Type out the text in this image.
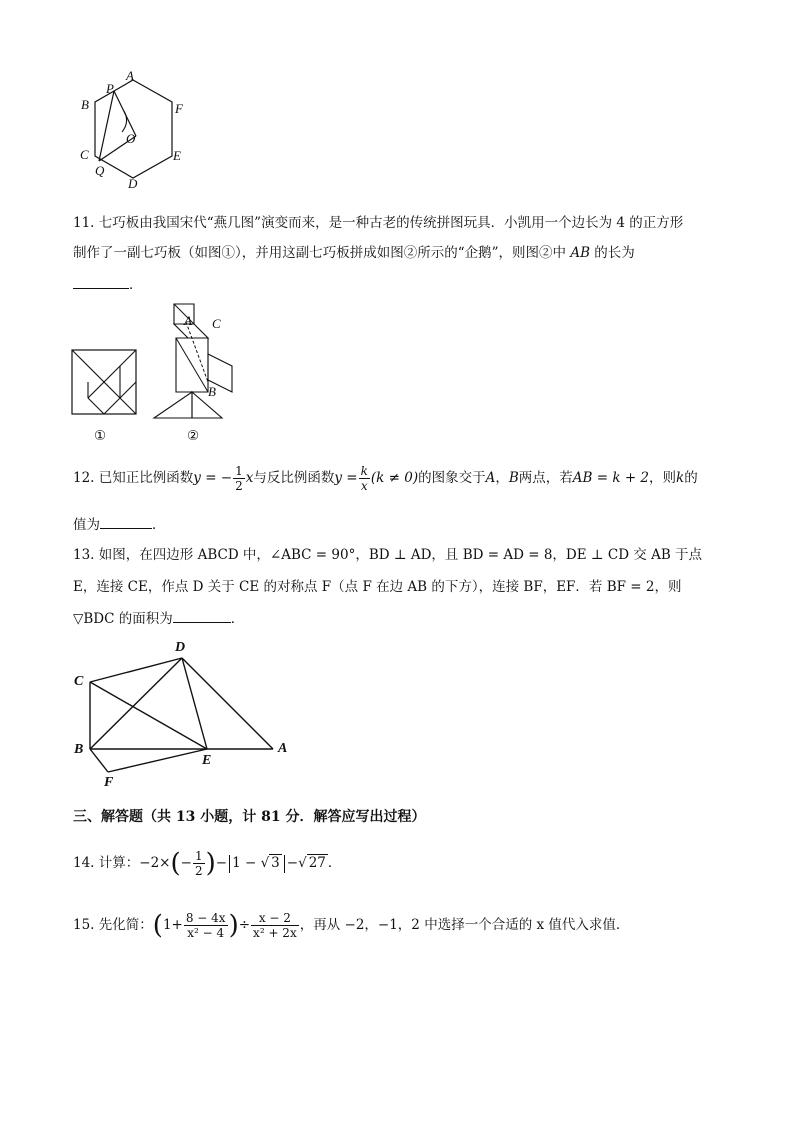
A
P
B	F
O
C	E
Q
D
11. 七巧板由我国宋代“燕几图”演变而来，是一种古老的传统拼图玩具．小凯用一个边长为 4 的正方形
制作了一副七巧板（如图①），并用这副七巧板拼成如图②所示的“企鹅”，则图②中 AB 的长为
．
①
A C
B
②
12. 已知正比例函数y = − $\frac{1}{2}$ x与反比例函数$y = \frac{k}{x} (k \ne 0)$的图象交于A，B两点，若AB = k + 2，则k的
值为	．
13. 如图，在四边形 ABCD 中，∠ABC = 90°，BD ⊥ AD，且 BD = AD = 8，DE ⊥ CD 交 AB 于点
E，连接 CE，作点 D 关于 CE 的对称点 F（点 F 在边 AB 的下方），连接 BF，EF．若 BF = 2，则
▽BDC 的面积为	．
D
C
B
E
A
F
三、解答题（共 13 小题，计 81 分．解答应写出过程）
14. 计算：$-2\times(- \frac{1}{2}$ )− 1 − √ 3 −√ 27 ．
15. 先化简：($1+ \frac{8 - 4x}{\text{x² − 4}}$ )÷ $\frac{x - 2}{\text{x² + 2x}}$ ，再从 −2，−1，2 中选择一个合适的 x 值代入求值．
